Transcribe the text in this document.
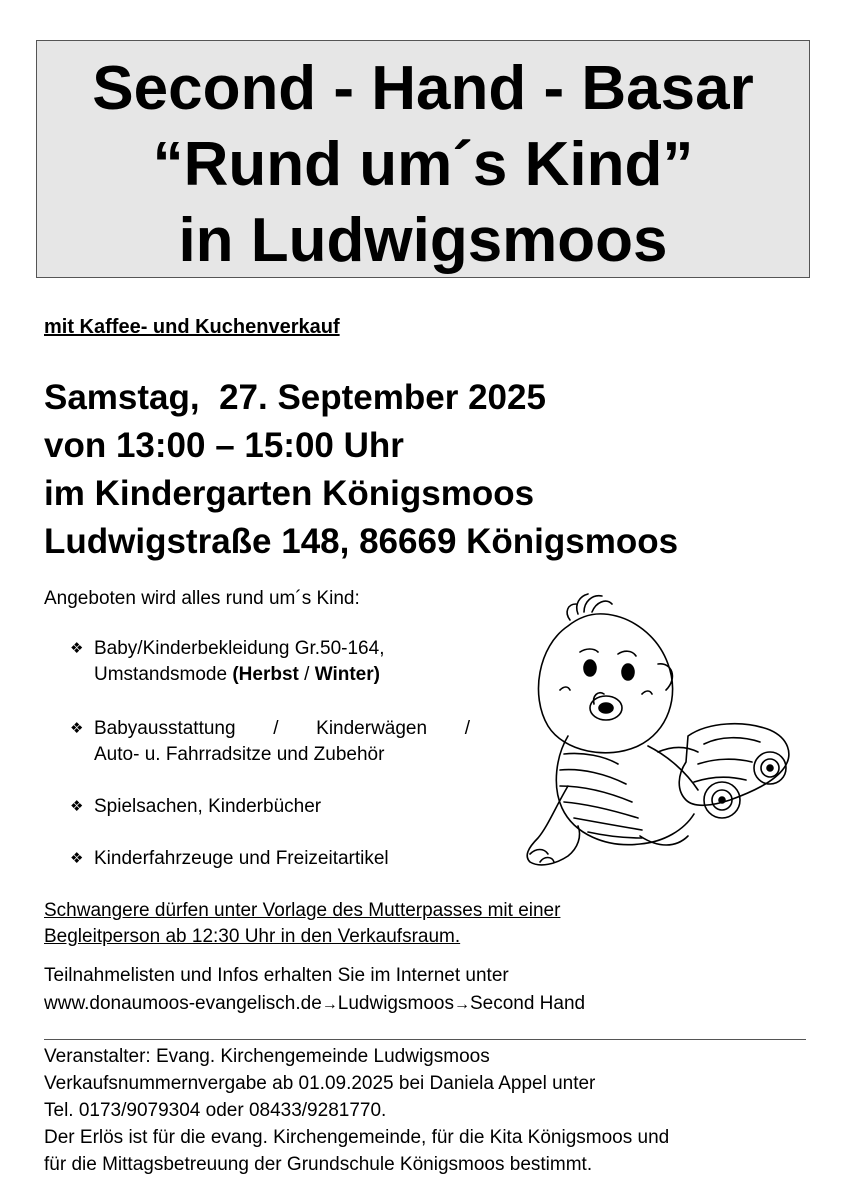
Second - Hand - Basar
“Rund um´s Kind”
in Ludwigsmoos
mit Kaffee- und Kuchenverkauf
Samstag,  27. September 2025
von 13:00 – 15:00 Uhr
im Kindergarten Königsmoos
Ludwigstraße 148, 86669 Königsmoos
Angeboten wird alles rund um´s Kind:
❖ Baby/Kinderbekleidung Gr.50-164,
Umstandsmode (Herbst / Winter)
❖ Babyausstattung / Kinderwägen /
Auto- u. Fahrradsitze und Zubehör
❖ Spielsachen, Kinderbücher
❖ Kinderfahrzeuge und Freizeitartikel
Schwangere dürfen unter Vorlage des Mutterpasses mit einer
Begleitperson ab 12:30 Uhr in den Verkaufsraum.
Teilnahmelisten und Infos erhalten Sie im Internet unter
www.donaumoos-evangelisch.de→Ludwigsmoos→Second Hand
Veranstalter: Evang. Kirchengemeinde Ludwigsmoos
Verkaufsnummernvergabe ab 01.09.2025 bei Daniela Appel unter
Tel. 0173/9079304 oder 08433/9281770.
Der Erlös ist für die evang. Kirchengemeinde, für die Kita Königsmoos und
für die Mittagsbetreuung der Grundschule Königsmoos bestimmt.
